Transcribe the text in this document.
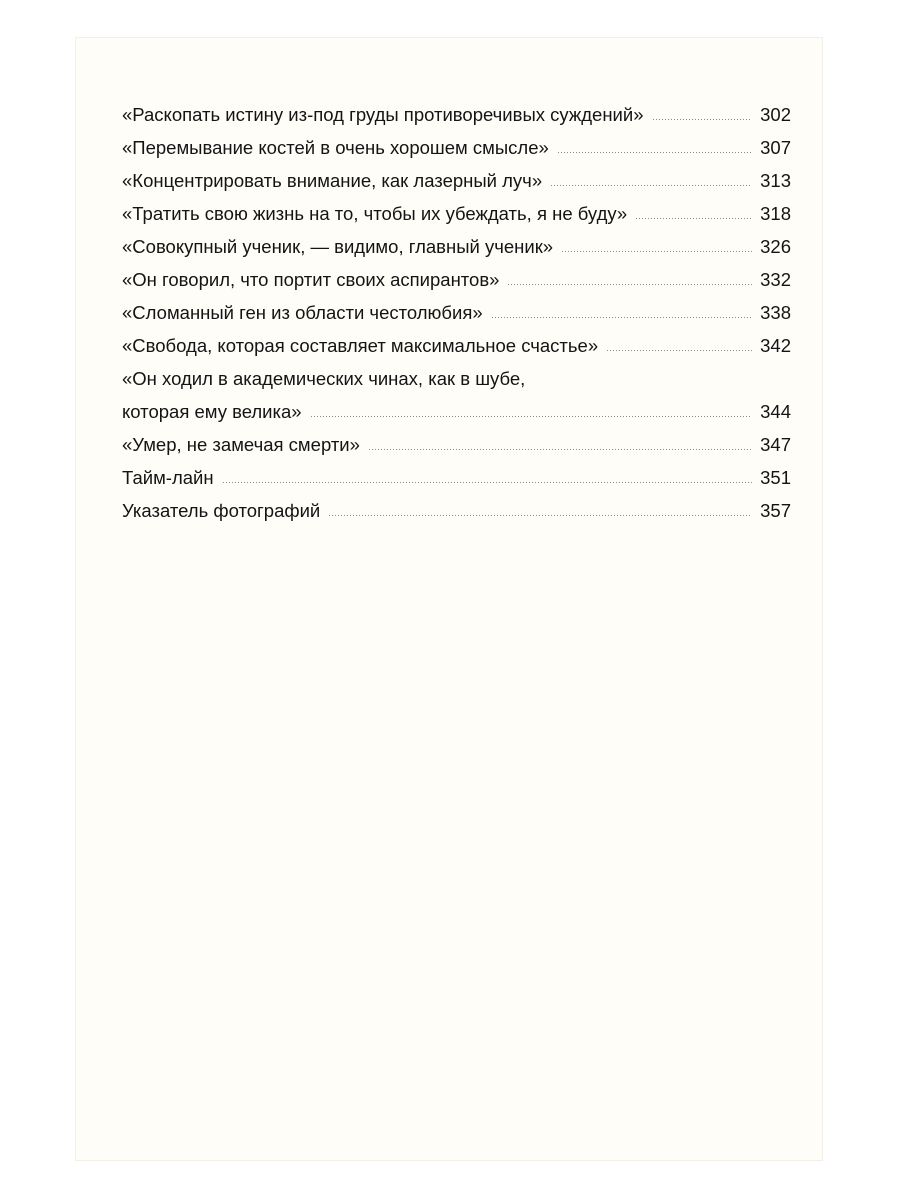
«Раскопать истину из-под груды противоречивых суждений»	302
«Перемывание костей в очень хорошем смысле»	307
«Концентрировать внимание, как лазерный луч»	313
«Тратить свою жизнь на то, чтобы их убеждать, я не буду»	318
«Совокупный ученик, — видимо, главный ученик»	326
«Он говорил, что портит своих аспирантов»	332
«Сломанный ген из области честолюбия»	338
«Свобода, которая составляет максимальное счастье»	342
«Он ходил в академических чинах, как в шубе,
которая ему велика»	344
«Умер, не замечая смерти»	347
Тайм-лайн	351
Указатель фотографий	357
